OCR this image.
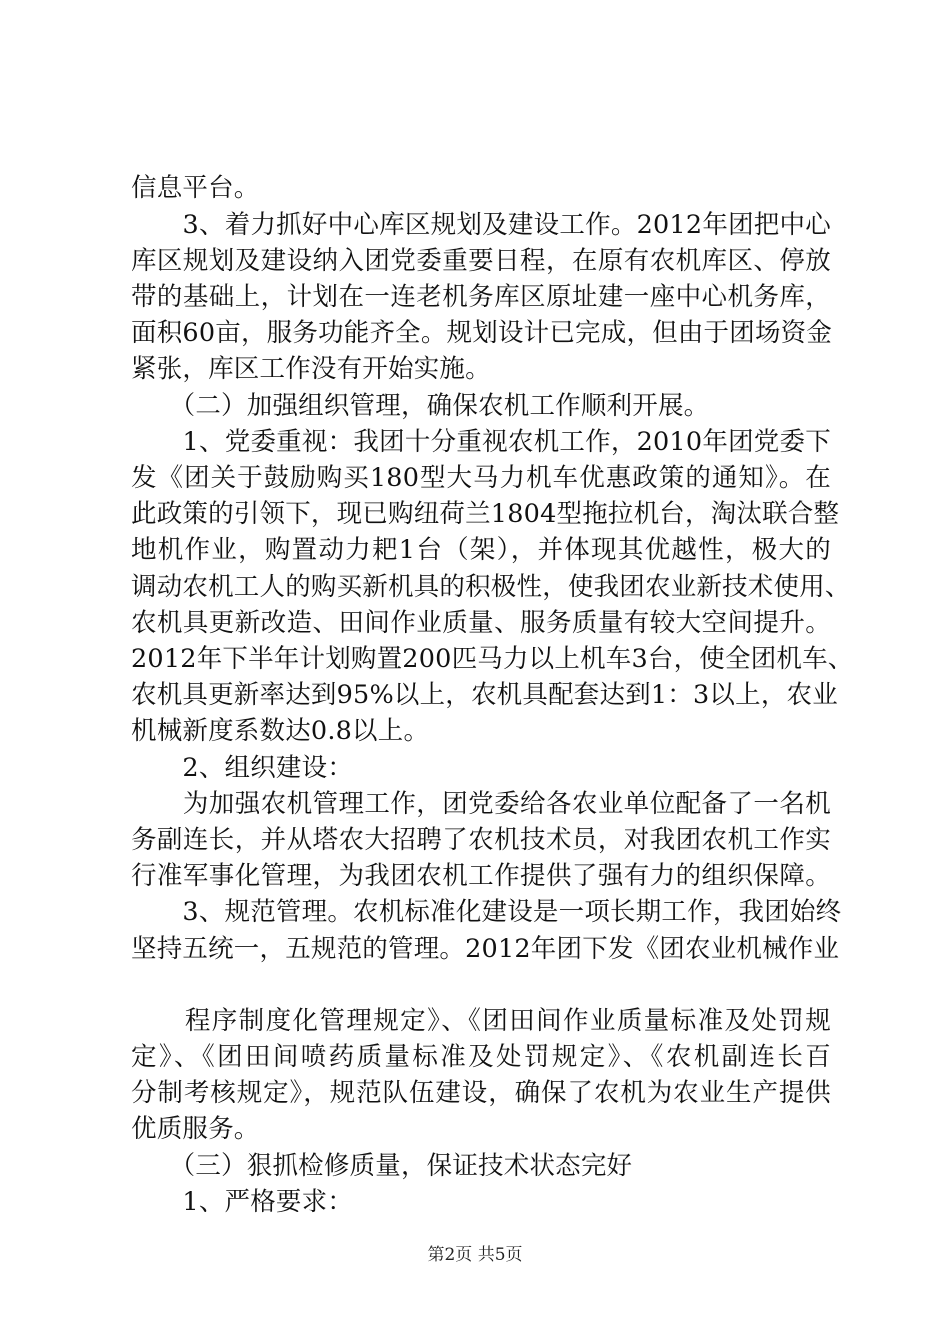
信息平台。
　　3、着力抓好中心库区规划及建设工作。2012年团把中心
库区规划及建设纳入团党委重要日程，在原有农机库区、停放
带的基础上，计划在一连老机务库区原址建一座中心机务库，
面积60亩，服务功能齐全。规划设计已完成，但由于团场资金
紧张，库区工作没有开始实施。
　　（二）加强组织管理，确保农机工作顺利开展。
　　1、党委重视：我团十分重视农机工作，2010年团党委下
发《团关于鼓励购买180型大马力机车优惠政策的通知》。在
此政策的引领下，现已购纽荷兰1804型拖拉机台，淘汰联合整
地机作业，购置动力耙1台（架），并体现其优越性，极大的
调动农机工人的购买新机具的积极性，使我团农业新技术使用、
农机具更新改造、田间作业质量、服务质量有较大空间提升。
2012年下半年计划购置200匹马力以上机车3台，使全团机车、
农机具更新率达到95%以上，农机具配套达到1：3以上，农业
机械新度系数达0.8以上。
　　2、组织建设：
　　为加强农机管理工作，团党委给各农业单位配备了一名机
务副连长，并从塔农大招聘了农机技术员，对我团农机工作实
行准军事化管理，为我团农机工作提供了强有力的组织保障。
　　3、规范管理。农机标准化建设是一项长期工作，我团始终
坚持五统一，五规范的管理。2012年团下发《团农业机械作业
　　程序制度化管理规定》、《团田间作业质量标准及处罚规
定》、《团田间喷药质量标准及处罚规定》、《农机副连长百
分制考核规定》，规范队伍建设，确保了农机为农业生产提供
优质服务。
　　（三）狠抓检修质量，保证技术状态完好
　　1、严格要求：
第2页 共5页
